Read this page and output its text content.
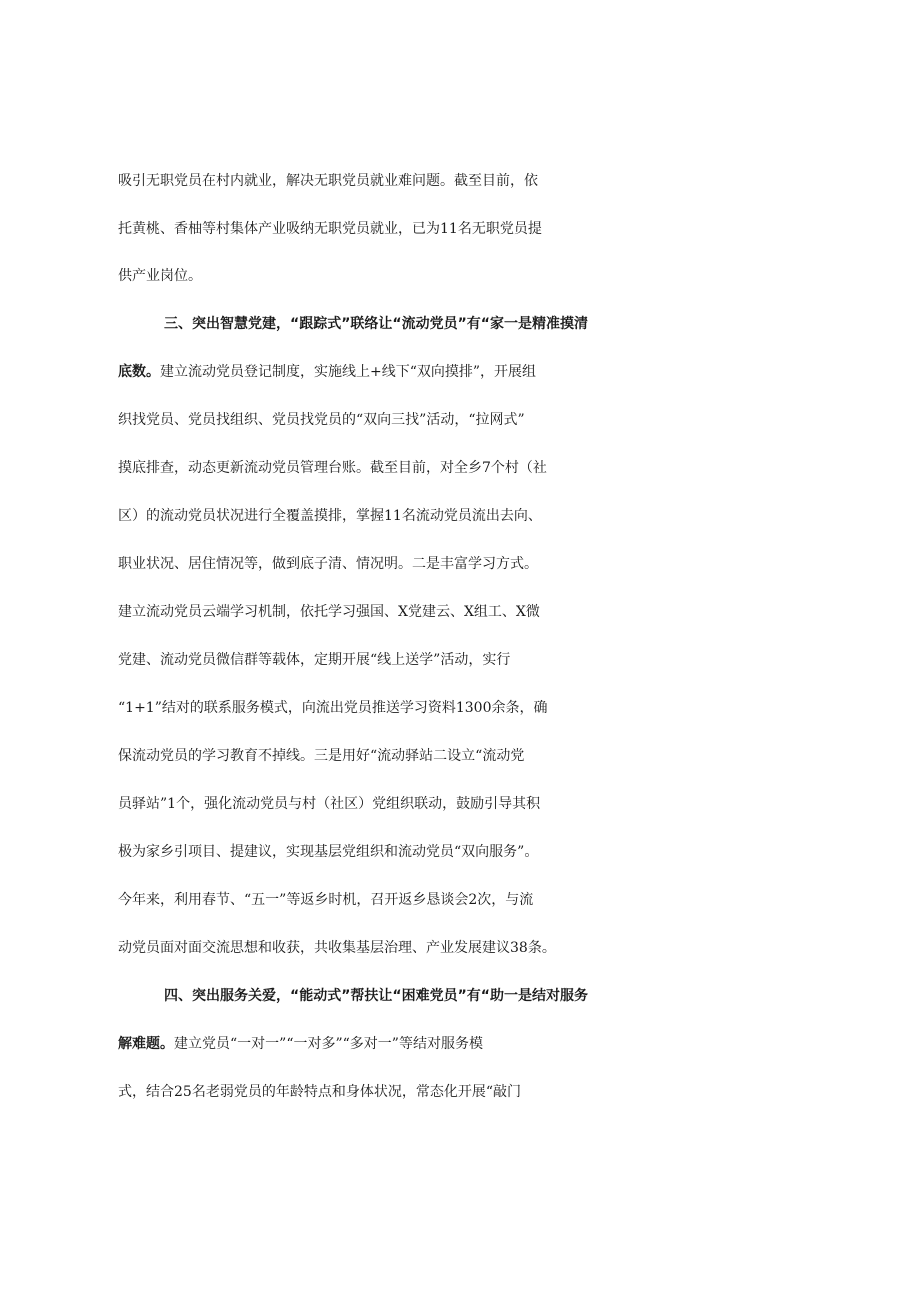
吸引无职党员在村内就业，解决无职党员就业难问题。截至目前，依
托黄桃、香柚等村集体产业吸纳无职党员就业，已为11名无职党员提
供产业岗位。
三、突出智慧党建，“跟踪式”联络让“流动党员”有“家一是精准摸清
底数。建立流动党员登记制度，实施线上+线下“双向摸排”，开展组
织找党员、党员找组织、党员找党员的“双向三找”活动，“拉网式”
摸底排查，动态更新流动党员管理台账。截至目前，对全乡7个村（社
区）的流动党员状况进行全覆盖摸排，掌握11名流动党员流出去向、
职业状况、居住情况等，做到底子清、情况明。二是丰富学习方式。
建立流动党员云端学习机制，依托学习强国、X党建云、X组工、X微
党建、流动党员微信群等载体，定期开展“线上送学”活动，实行
“1+1”结对的联系服务模式，向流出党员推送学习资料1300余条，确
保流动党员的学习教育不掉线。三是用好“流动驿站二设立“流动党
员驿站”1个，强化流动党员与村（社区）党组织联动，鼓励引导其积
极为家乡引项目、提建议，实现基层党组织和流动党员“双向服务”。
今年来，利用春节、“五一”等返乡时机，召开返乡恳谈会2次，与流
动党员面对面交流思想和收获，共收集基层治理、产业发展建议38条。
四、突出服务关爱，“能动式”帮扶让“困难党员”有“助一是结对服务
解难题。建立党员“一对一”“一对多”“多对一”等结对服务模
式，结合25名老弱党员的年龄特点和身体状况，常态化开展“敲门
